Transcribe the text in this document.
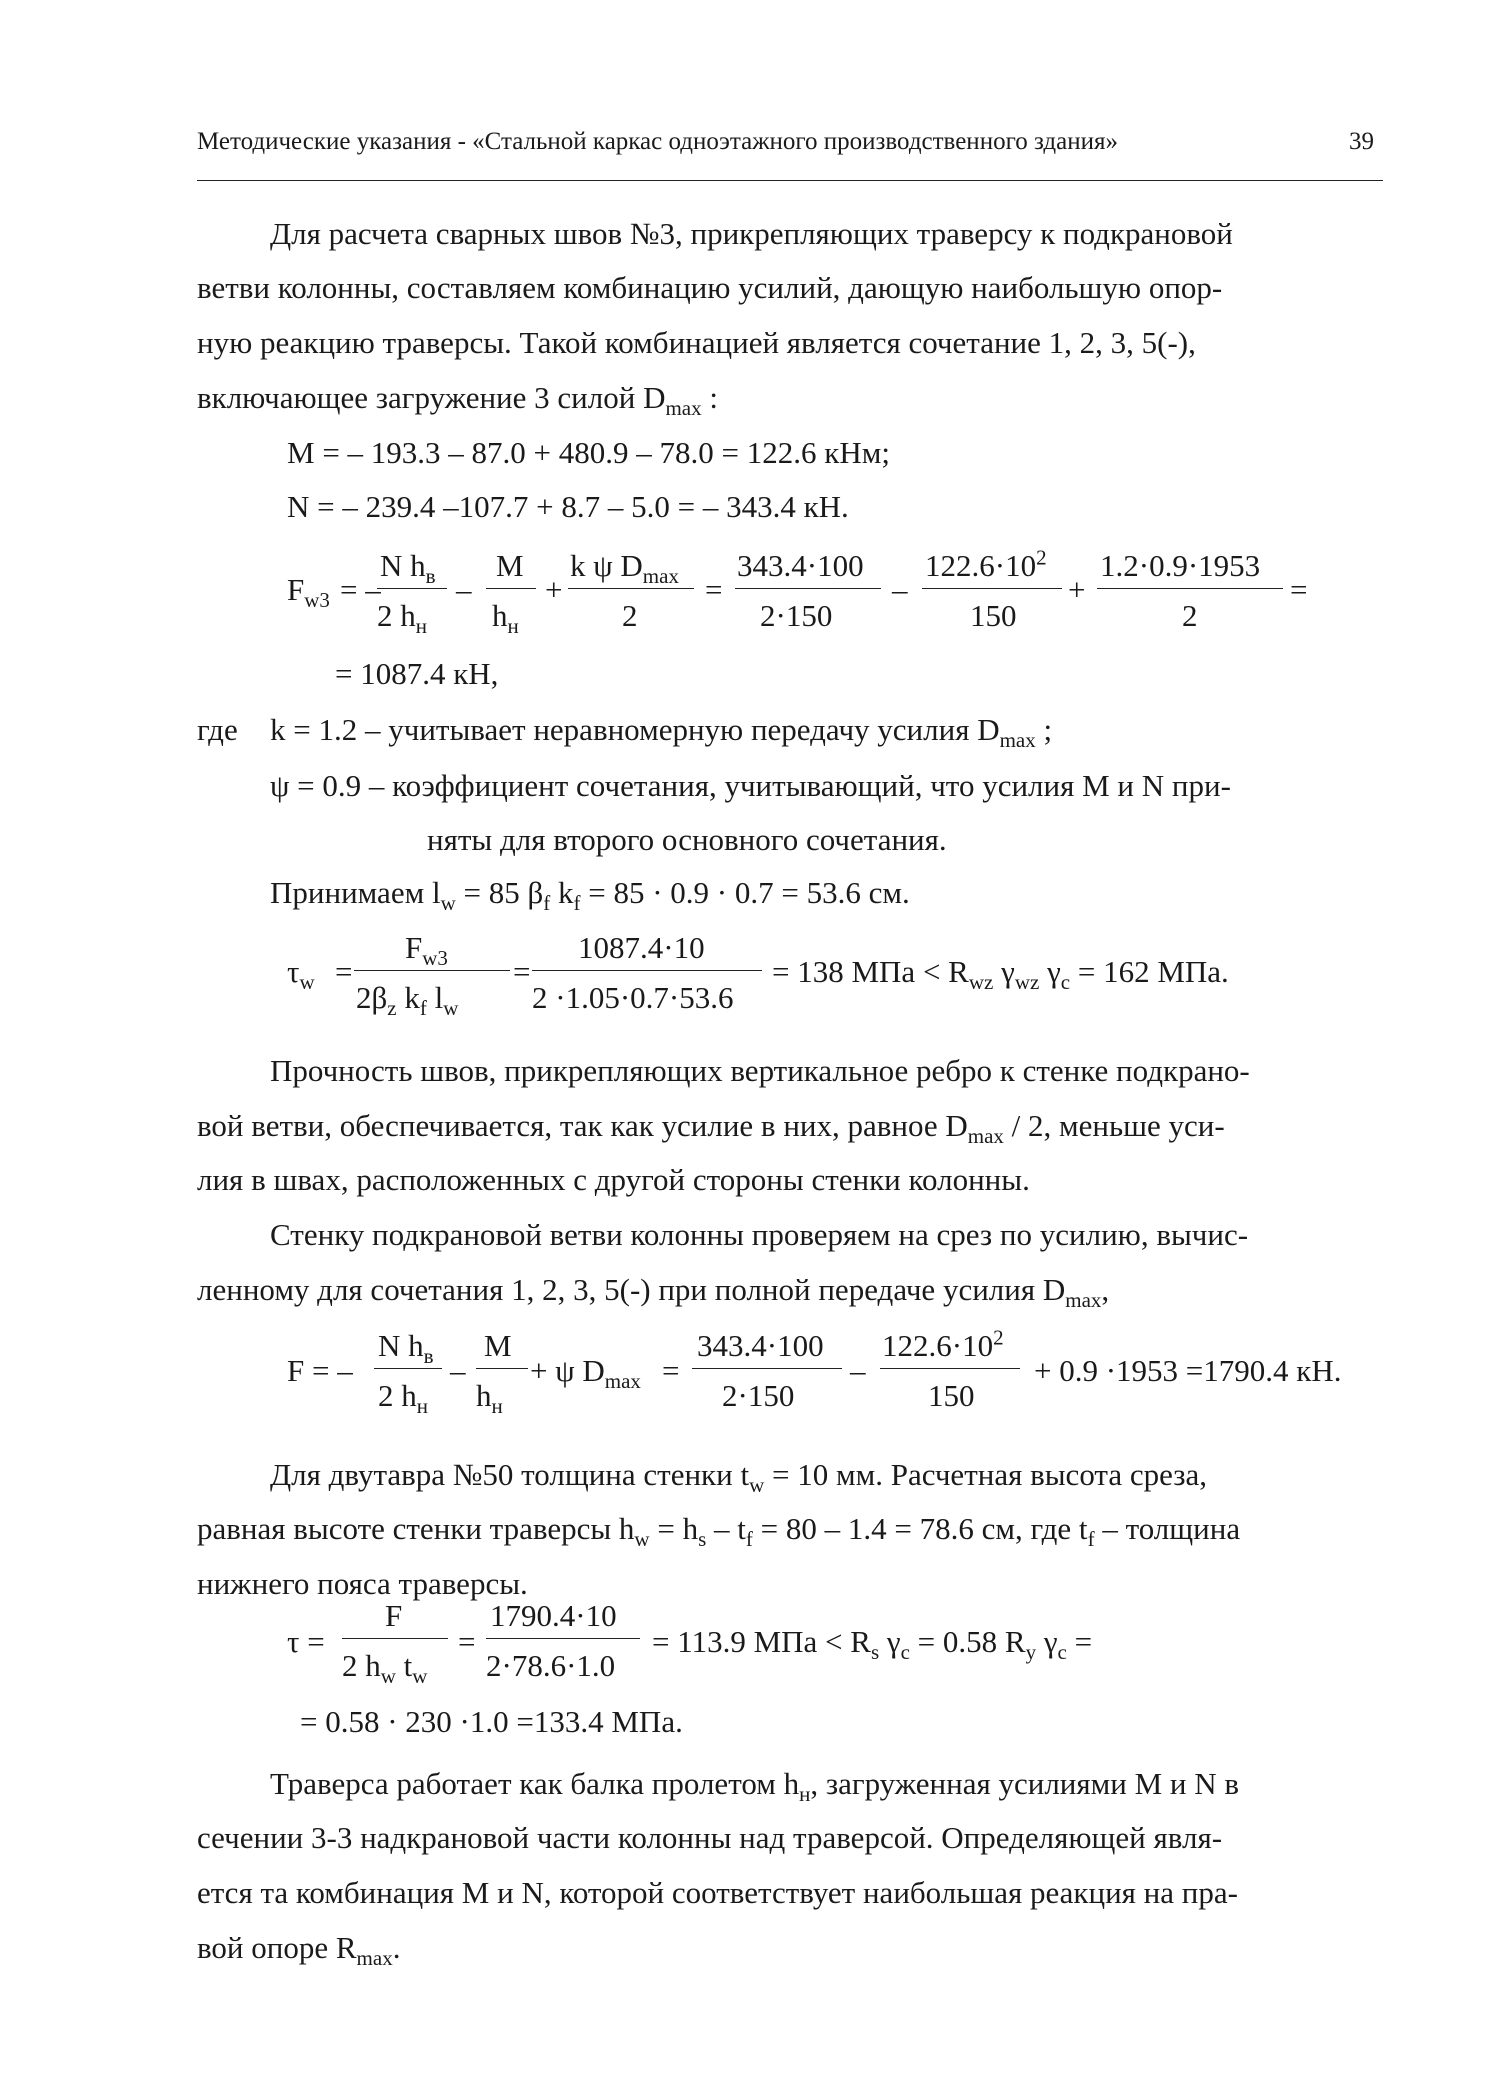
Методические указания - «Стальной каркас одноэтажного производственного здания»	39
Для расчета сварных швов №3, прикрепляющих траверсу к подкрановой
ветви колонны, составляем комбинацию усилий, дающую наибольшую опор-
ную реакцию траверсы. Такой комбинацией является сочетание 1, 2, 3, 5(-),
включающее загружение 3 силой $D_{max}$ :
M = – 193.3 – 87.0 + 480.9 – 78.0 = 122.6 кНм;
N = – 239.4 –107.7 + 8.7 – 5.0 = – 343.4 кН.
$F_{w3}$ = –
N $h_в$
2 $h_н$
–
M
$h_н$
+
k ψ $D_{max}$
2
=
343.4·100
2·150
–
$122.6\cdot 10^2$
150
+
1.2·0.9·1953
2
=
= 1087.4 кН,
где k = 1.2 – учитывает неравномерную передачу усилия $D_{max}$ ;
ψ = 0.9 – коэффициент сочетания, учитывающий, что усилия M и N при-
няты для второго основного сочетания.
Принимаем $l_w = 85$ $\beta_f$ $k_f = 85 \cdot 0.9 \cdot 0.7 = 53.6$ см.
$\tau_w$ =
$F_{w3}$
$2\beta_z$ $k_f$ $l_w$
=
1087.4·10
2 ·1.05·0.7·53.6
= 138 МПа < $R_{wz}$ $\gamma_{wz}$ $\gamma_c = 162$ МПа.
Прочность швов, прикрепляющих вертикальное ребро к стенке подкрано-
вой ветви, обеспечивается, так как усилие в них, равное $D_{max} / 2$, меньше уси-
лия в швах, расположенных с другой стороны стенки колонны.
Стенку подкрановой ветви колонны проверяем на срез по усилию, вычис-
ленному для сочетания 1, 2, 3, 5(-) при полной передаче усилия $D_{max}$,
F = –
N $h_в$
2 $h_н$
–
M
$h_н$
+ ψ $D_{max}$ =
343.4·100
2·150
–
$122.6\cdot 10^2$
150
+ 0.9 ·1953 =1790.4 кН.
Для двутавра №50 толщина стенки $t_w = 10$ мм. Расчетная высота среза,
равная высоте стенки траверсы $h_w = h_s - t_f = 80 - 1.4 = 78.6$ см, где $t_f$ – толщина
нижнего пояса траверсы.
τ =
F
2 $h_w$ $t_w$
=
1790.4·10
2·78.6·1.0
= 113.9 МПа < $R_s$ $\gamma_c = 0.58$ $R_y$ $\gamma_c$ =
= 0.58 · 230 ·1.0 =133.4 МПа.
Траверса работает как балка пролетом $h_н$, загруженная усилиями M и N в
сечении 3-3 надкрановой части колонны над траверсой. Определяющей явля-
ется та комбинация M и N, которой соответствует наибольшая реакция на пра-
вой опоре $R_{max}$.
